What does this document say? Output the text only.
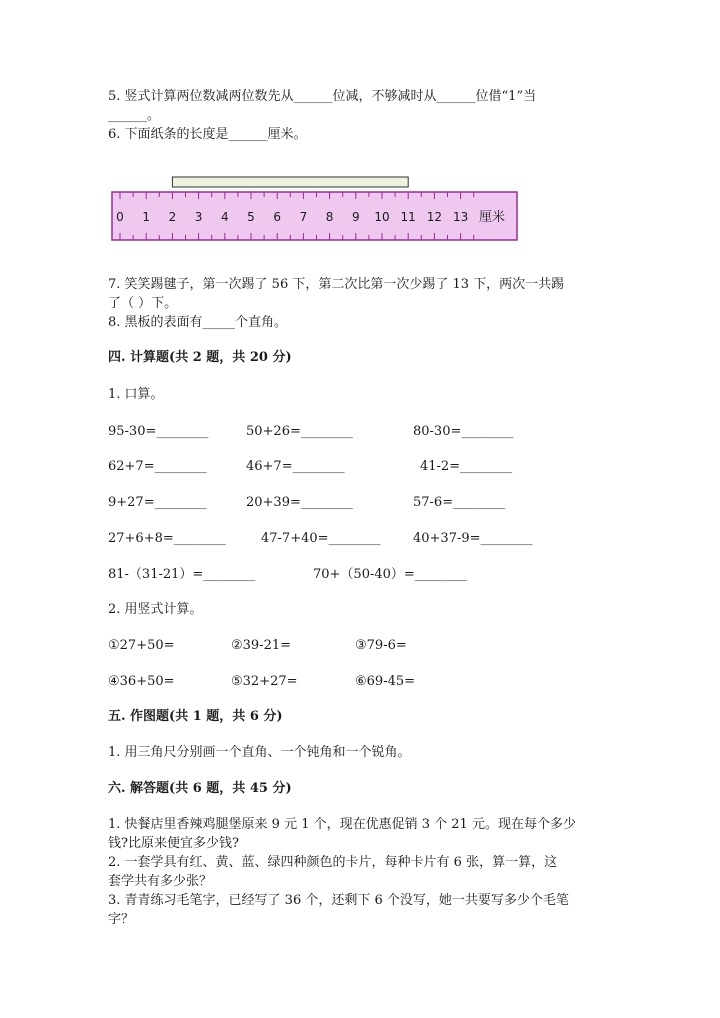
5. 竖式计算两位数减两位数先从______位减，不够减时从______位借“1”当
______。
6. 下面纸条的长度是______厘米。
0 1 2 3 4 5 6 7 8 9 10 11 12 13 厘米
7. 笑笑踢毽子，第一次踢了 56 下，第二次比第一次少踢了 13 下，两次一共踢
了（ ）下。
8. 黑板的表面有_____个直角。
四. 计算题(共 2 题，共 20 分)
1. 口算。
95-30=________	50+26=________	80-30=________
62+7=________	46+7=________	41-2=________
9+27=________	20+39=________	57-6=________
27+6+8=________	47-7+40=________ 40+37-9=________
81-（31-21）=________	70+（50-40）=________
2. 用竖式计算。
①27+50=	②39-21=	③79-6=
④36+50=	⑤32+27=	⑥69-45=
五. 作图题(共 1 题，共 6 分)
1. 用三角尺分别画一个直角、一个钝角和一个锐角。
六. 解答题(共 6 题，共 45 分)
1. 快餐店里香辣鸡腿堡原来 9 元 1 个，现在优惠促销 3 个 21 元。现在每个多少
钱?比原来便宜多少钱?
2. 一套学具有红、黄、蓝、绿四种颜色的卡片，每种卡片有 6 张，算一算，这
套学共有多少张？
3. 青青练习毛笔字，已经写了 36 个，还剩下 6 个没写，她一共要写多少个毛笔
字？
